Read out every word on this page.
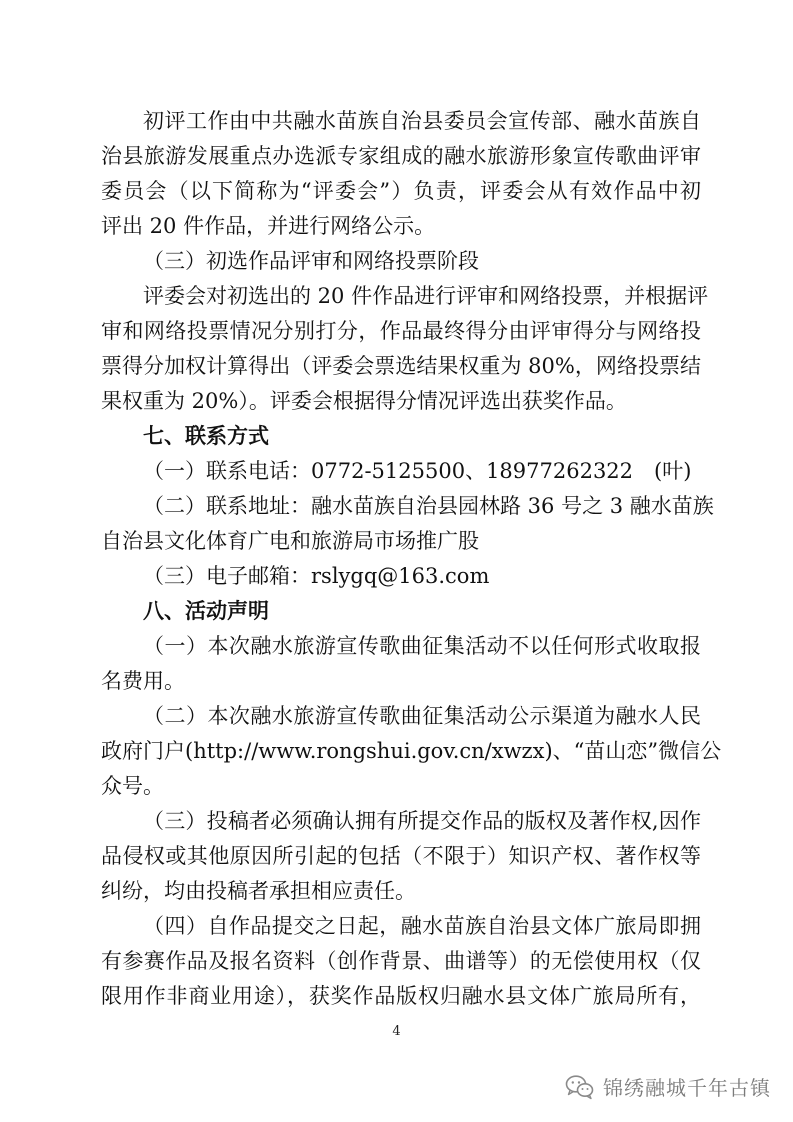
初评工作由中共融水苗族自治县委员会宣传部、融水苗族自
治县旅游发展重点办选派专家组成的融水旅游形象宣传歌曲评审
委员会（以下简称为“评委会”）负责，评委会从有效作品中初
评出 20 件作品，并进行网络公示。

（三）初选作品评审和网络投票阶段

评委会对初选出的 20 件作品进行评审和网络投票，并根据评
审和网络投票情况分别打分，作品最终得分由评审得分与网络投
票得分加权计算得出（评委会票选结果权重为 80%，网络投票结
果权重为 20%）。评委会根据得分情况评选出获奖作品。

七、联系方式
（一）联系电话：0772-5125500、18977262322　(叶)

（二）联系地址：融水苗族自治县园林路 36 号之 3 融水苗族
自治县文化体育广电和旅游局市场推广股

（三）电子邮箱：rslygq@163.com
八、活动声明

（一）本次融水旅游宣传歌曲征集活动不以任何形式收取报
名费用。

（二）本次融水旅游宣传歌曲征集活动公示渠道为融水人民
政府门户(http://www.rongshui.gov.cn/xwzx)、“苗山恋”微信公
众号。

（三）投稿者必须确认拥有所提交作品的版权及著作权,因作
品侵权或其他原因所引起的包括（不限于）知识产权、著作权等
纠纷，均由投稿者承担相应责任。

（四）自作品提交之日起，融水苗族自治县文体广旅局即拥
有参赛作品及报名资料（创作背景、曲谱等）的无偿使用权（仅
限用作非商业用途），获奖作品版权归融水县文体广旅局所有，

4
锦绣融城千年古镇
